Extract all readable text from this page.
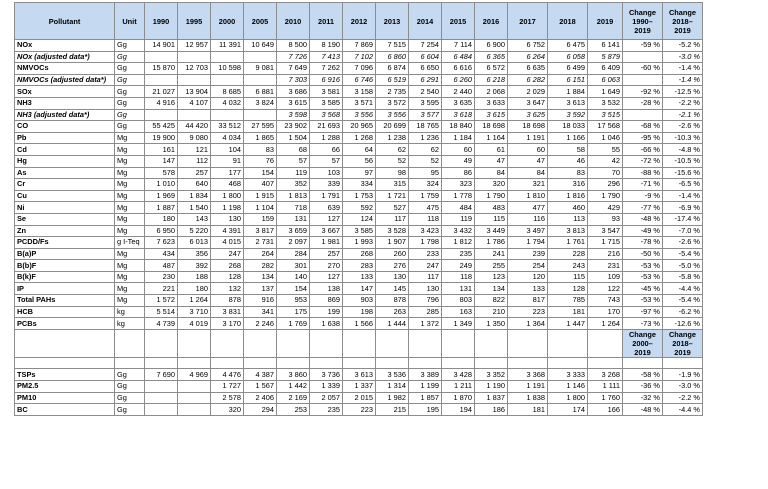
Pollutant	Unit	1990	1995	2000	2005	2010	2011	2012	2013	2014	2015	2016	2017	2018	2019	Change 1990–2019	Change 2018–2019
NOx	Gg	14 901	12 957	11 391	10 649	8 500	8 190	7 869	7 515	7 254	7 114	6 900	6 752	6 475	6 141	-59 %	-5.2 %
NOx (adjusted data*)	Gg					7 726	7 413	7 102	6 860	6 604	6 484	6 365	6 264	6 058	5 879		-3.0 %
NMVOCs	Gg	15 870	12 703	10 598	9 081	7 649	7 262	7 096	6 874	6 650	6 616	6 572	6 635	6 499	6 409	-60 %	-1.4 %
NMVOCs (adjusted data*)	Gg					7 303	6 916	6 746	6 519	6 291	6 260	6 218	6 282	6 151	6 063		-1.4 %
SOx	Gg	21 027	13 904	8 685	6 881	3 686	3 581	3 158	2 735	2 540	2 440	2 068	2 029	1 884	1 649	-92 %	-12.5 %
NH3	Gg	4 916	4 107	4 032	3 824	3 615	3 585	3 571	3 572	3 595	3 635	3 633	3 647	3 613	3 532	-28 %	-2.2 %
NH3 (adjusted data*)	Gg					3 598	3 568	3 556	3 556	3 577	3 618	3 615	3 625	3 592	3 515		-2.1 %
CO	Gg	55 425	44 420	33 512	27 595	23 902	21 693	20 965	20 699	18 765	18 840	18 698	18 698	18 033	17 568	-68 %	-2.6 %
Pb	Mg	19 900	9 080	4 034	1 865	1 504	1 288	1 268	1 238	1 236	1 184	1 164	1 191	1 166	1 046	-95 %	-10.3 %
Cd	Mg	161	121	104	83	68	66	64	62	62	60	61	60	58	55	-66 %	-4.8 %
Hg	Mg	147	112	91	76	57	57	56	52	52	49	47	47	46	42	-72 %	-10.5 %
As	Mg	578	257	177	154	119	103	97	98	95	86	84	84	83	70	-88 %	-15.6 %
Cr	Mg	1 010	640	468	407	352	339	334	315	324	323	320	321	316	296	-71 %	-6.5 %
Cu	Mg	1 969	1 834	1 800	1 915	1 813	1 791	1 753	1 721	1 759	1 778	1 790	1 810	1 816	1 790	-9 %	-1.4 %
Ni	Mg	1 887	1 540	1 198	1 104	718	639	592	527	475	484	483	477	460	429	-77 %	-6.9 %
Se	Mg	180	143	130	159	131	127	124	117	118	119	115	116	113	93	-48 %	-17.4 %
Zn	Mg	6 950	5 220	4 391	3 817	3 659	3 667	3 585	3 528	3 423	3 432	3 449	3 497	3 813	3 547	-49 %	-7.0 %
PCDD/Fs	g I-Teq	7 623	6 013	4 015	2 731	2 097	1 981	1 993	1 907	1 798	1 812	1 786	1 794	1 761	1 715	-78 %	-2.6 %
B(a)P	Mg	434	356	247	264	284	257	268	260	233	235	241	239	228	216	-50 %	-5.4 %
B(b)F	Mg	487	392	268	282	301	270	283	276	247	249	255	254	243	231	-53 %	-5.0 %
B(k)F	Mg	230	188	128	134	140	127	133	130	117	118	123	120	115	109	-53 %	-5.8 %
IP	Mg	221	180	132	137	154	138	147	145	130	131	134	133	128	122	-45 %	-4.4 %
Total PAHs	Mg	1 572	1 264	878	916	953	869	903	878	796	803	822	817	785	743	-53 %	-5.4 %
HCB	kg	5 514	3 710	3 831	341	175	199	198	263	285	163	210	223	181	170	-97 %	-6.2 %
PCBs	kg	4 739	4 019	3 170	2 246	1 769	1 638	1 566	1 444	1 372	1 349	1 350	1 364	1 447	1 264	-73 %	-12.6 %
																Change 2000–2019	Change 2018–2019

TSPs	Gg	7 690	4 969	4 476	4 387	3 860	3 736	3 613	3 536	3 389	3 428	3 352	3 368	3 333	3 268	-58 %	-1.9 %
PM2.5	Gg			1 727	1 567	1 442	1 339	1 337	1 314	1 199	1 211	1 190	1 191	1 146	1 111	-36 %	-3.0 %
PM10	Gg			2 578	2 406	2 169	2 057	2 015	1 982	1 857	1 870	1 837	1 838	1 800	1 760	-32 %	-2.2 %
BC	Gg			320	294	253	235	223	215	195	194	186	181	174	166	-48 %	-4.4 %
